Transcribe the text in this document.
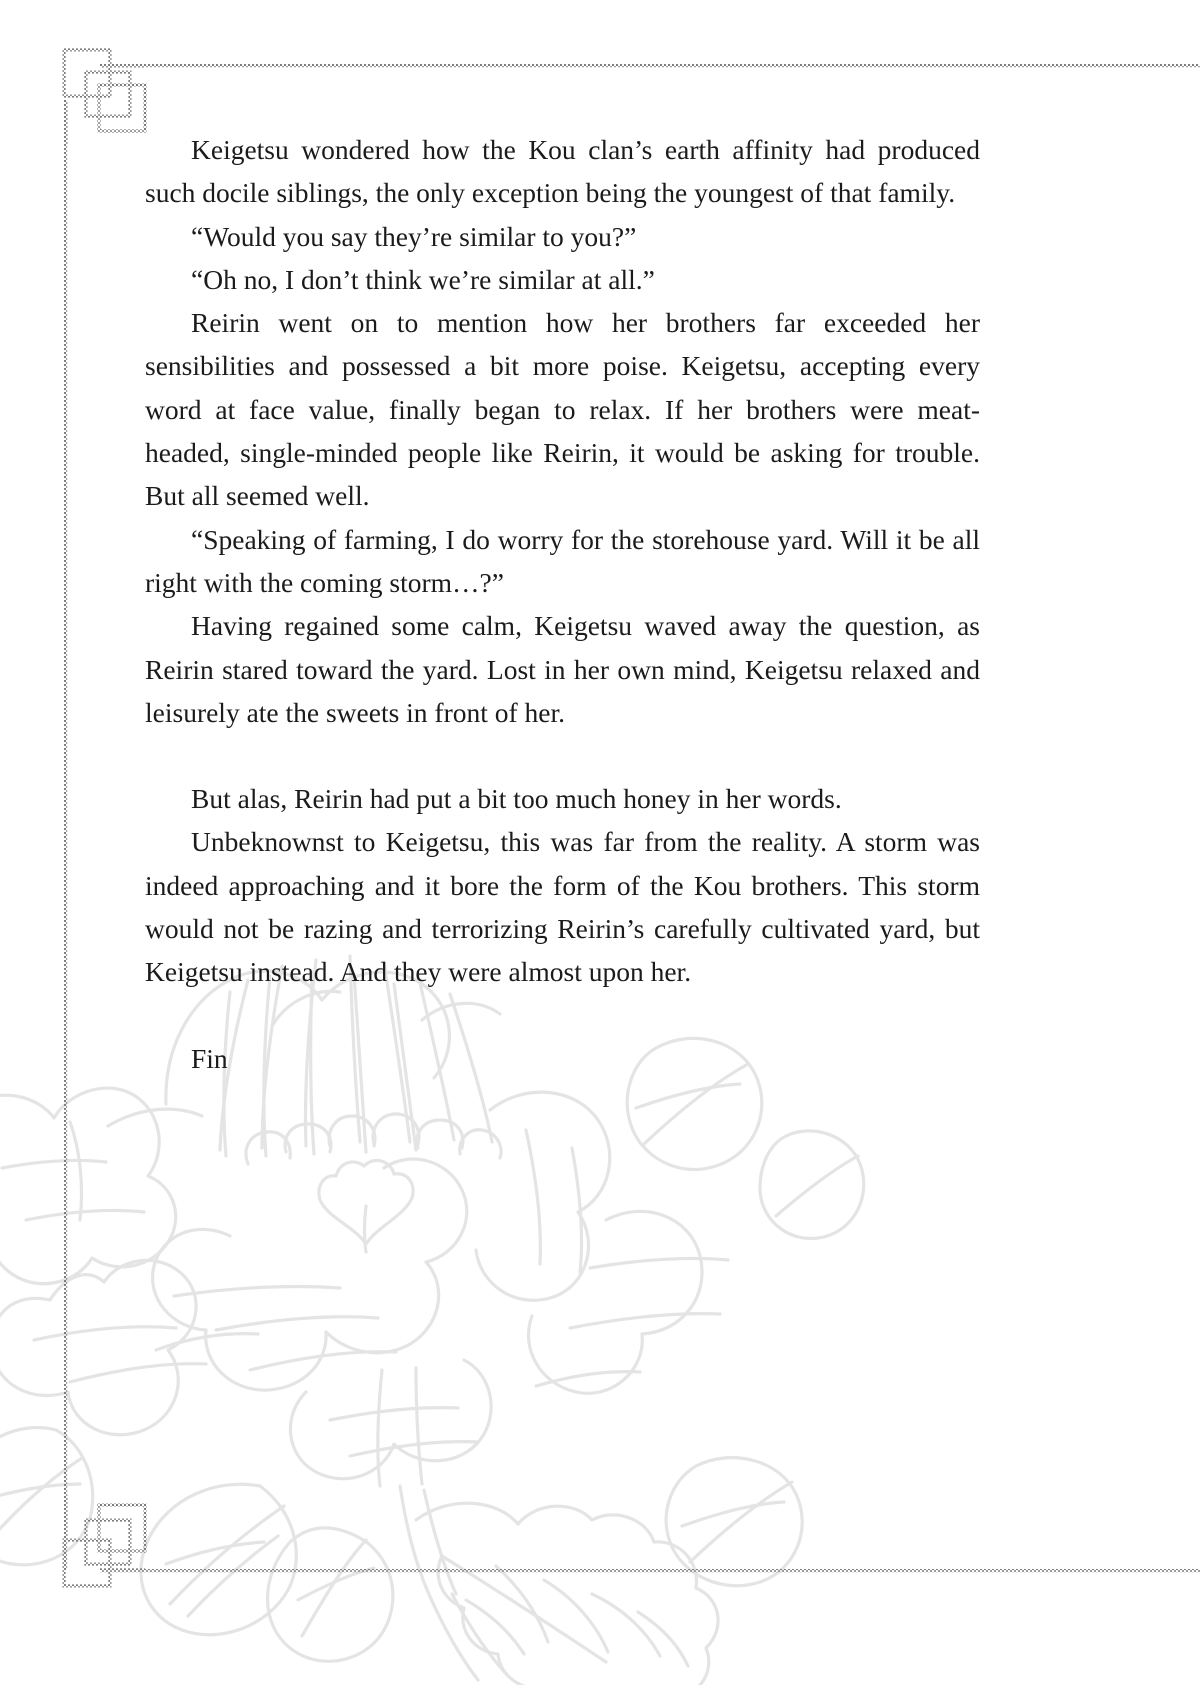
Keigetsu wondered how the Kou clan’s earth affinity had produced such docile siblings, the only exception being the youngest of that family.

“Would you say they’re similar to you?”

“Oh no, I don’t think we’re similar at all.”

Reirin went on to mention how her brothers far exceeded her sensibilities and possessed a bit more poise. Keigetsu, accepting every word at face value, finally began to relax. If her brothers were meat-headed, single-minded people like Reirin, it would be asking for trouble. But all seemed well.

“Speaking of farming, I do worry for the storehouse yard. Will it be all right with the coming storm…?”

Having regained some calm, Keigetsu waved away the question, as Reirin stared toward the yard. Lost in her own mind, Keigetsu relaxed and leisurely ate the sweets in front of her.

But alas, Reirin had put a bit too much honey in her words.

Unbeknownst to Keigetsu, this was far from the reality. A storm was indeed approaching and it bore the form of the Kou brothers. This storm would not be razing and terrorizing Reirin’s carefully cultivated yard, but Keigetsu instead. And they were almost upon her.

Fin
